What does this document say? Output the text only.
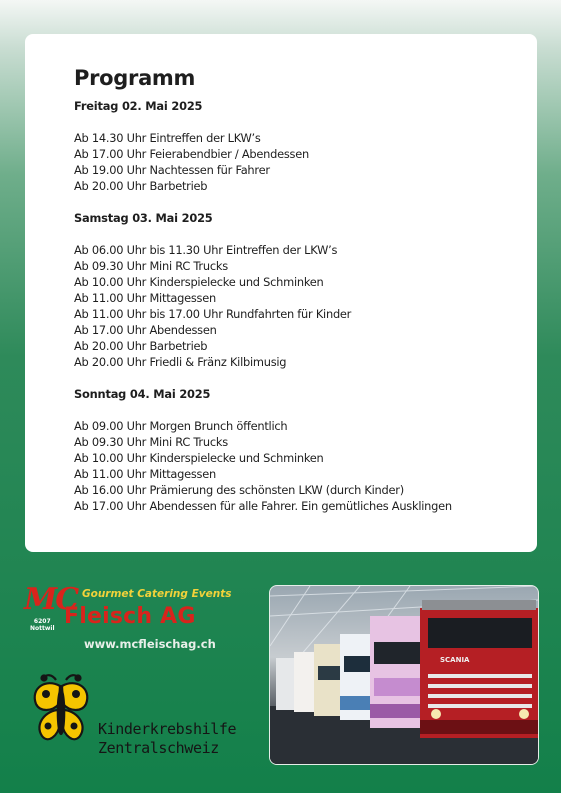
Programm
Freitag 02. Mai 2025
Ab 14.30 Uhr Eintreffen der LKW’s
Ab 17.00 Uhr Feierabendbier / Abendessen
Ab 19.00 Uhr Nachtessen für Fahrer
Ab 20.00 Uhr Barbetrieb
Samstag 03. Mai 2025
Ab 06.00 Uhr bis 11.30 Uhr Eintreffen der LKW’s
Ab 09.30 Uhr Mini RC Trucks
Ab 10.00 Uhr Kinderspielecke und Schminken
Ab 11.00 Uhr Mittagessen
Ab 11.00 Uhr bis 17.00 Uhr Rundfahrten für Kinder
Ab 17.00 Uhr Abendessen
Ab 20.00 Uhr Barbetrieb
Ab 20.00 Uhr Friedli & Fränz Kilbimusig
Sonntag 04. Mai 2025
Ab 09.00 Uhr Morgen Brunch öffentlich
Ab 09.30 Uhr Mini RC Trucks
Ab 10.00 Uhr Kinderspielecke und Schminken
Ab 11.00 Uhr Mittagessen
Ab 16.00 Uhr Prämierung des schönsten LKW (durch Kinder)
Ab 17.00 Uhr Abendessen für alle Fahrer. Ein gemütliches Ausklingen
MC Gourmet Catering Events
6207
Nottwil Fleisch AG
www.mcfleischag.ch
Kinderkrebshilfe
Zentralschweiz
SCANIA
